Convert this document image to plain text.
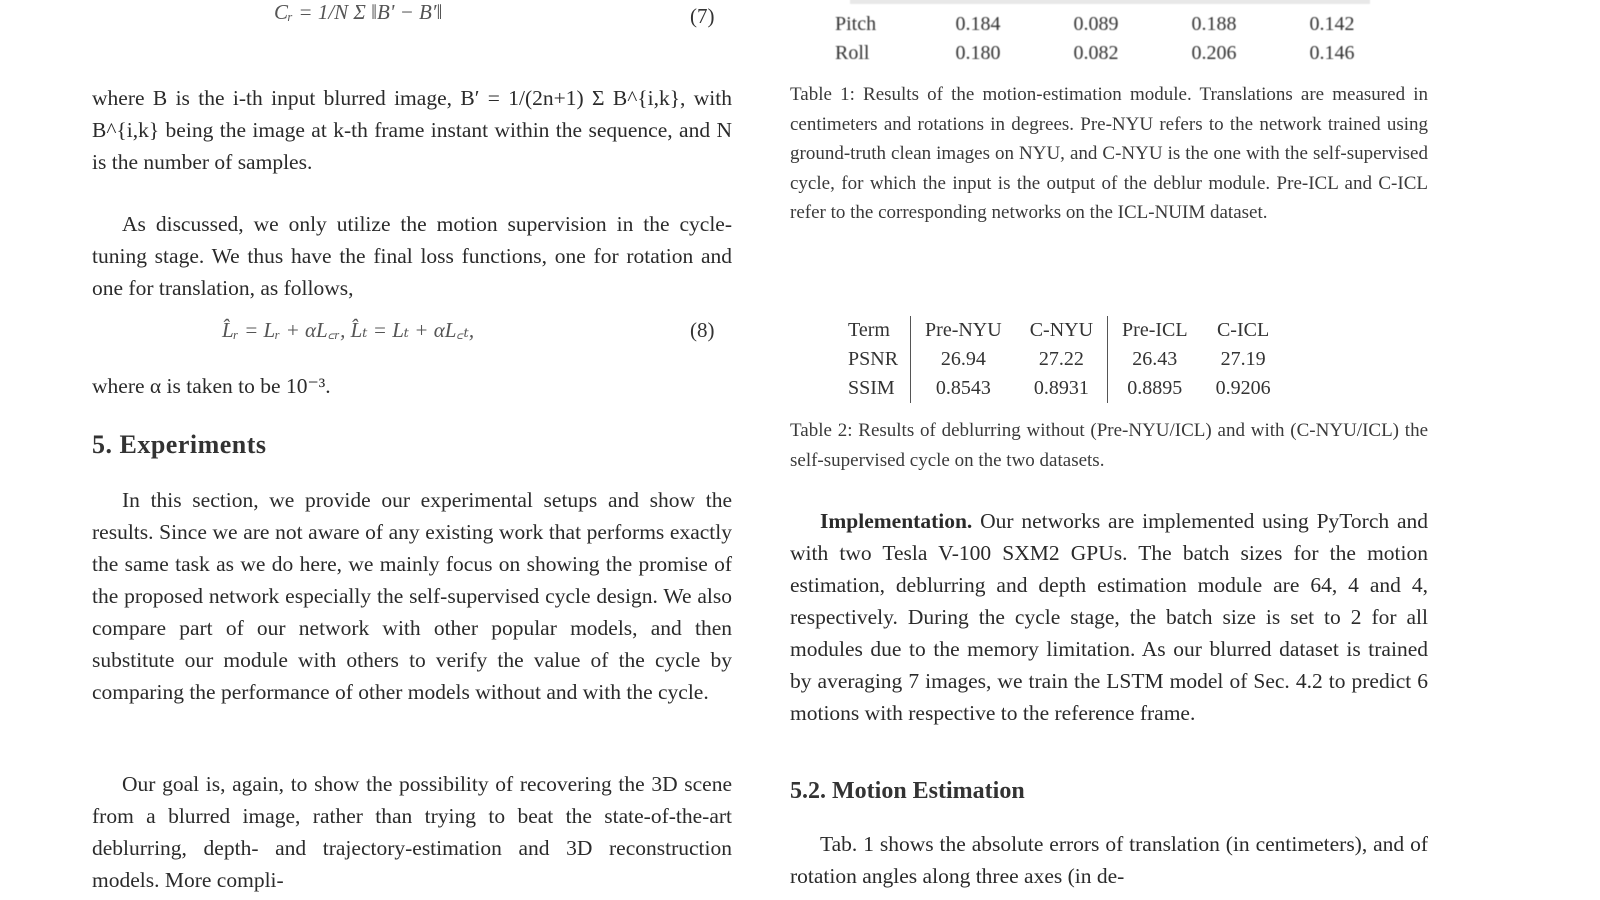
Cᵣ = 1/N Σ ‖B' − B′‖	(7)

where B is the i-th input blurred image, B′ = 1/(2n+1) Σ B^{i,k}, with B^{i,k} being the image at k-th frame instant within the sequence, and N is the number of samples.

As discussed, we only utilize the motion supervision in the cycle-tuning stage. We thus have the final loss functions, one for rotation and one for translation, as follows,

L̂ᵣ = Lᵣ + αL꜀ᵣ, L̂ₜ = Lₜ + αL꜀ₜ,	(8)

where α is taken to be 10⁻³.

5. Experiments

In this section, we provide our experimental setups and show the results. Since we are not aware of any existing work that performs exactly the same task as we do here, we mainly focus on showing the promise of the proposed network especially the self-supervised cycle design. We also compare part of our network with other popular models, and then substitute our module with others to verify the value of the cycle by comparing the performance of other models without and with the cycle.

Our goal is, again, to show the possibility of recovering the 3D scene from a blurred image, rather than trying to beat the state-of-the-art deblurring, depth- and trajectory-estimation and 3D reconstruction models. More compli-

Pitch	0.184	0.089	0.188	0.142
Roll	0.180	0.082	0.206	0.146

Table 1: Results of the motion-estimation module. Translations are measured in centimeters and rotations in degrees. Pre-NYU refers to the network trained using ground-truth clean images on NYU, and C-NYU is the one with the self-supervised cycle, for which the input is the output of the deblur module. Pre-ICL and C-ICL refer to the corresponding networks on the ICL-NUIM dataset.

Term	Pre-NYU	C-NYU	Pre-ICL	C-ICL
PSNR	26.94	27.22	26.43	27.19
SSIM	0.8543	0.8931	0.8895	0.9206

Table 2: Results of deblurring without (Pre-NYU/ICL) and with (C-NYU/ICL) the self-supervised cycle on the two datasets.

Implementation. Our networks are implemented using PyTorch and with two Tesla V-100 SXM2 GPUs. The batch sizes for the motion estimation, deblurring and depth estimation module are 64, 4 and 4, respectively. During the cycle stage, the batch size is set to 2 for all modules due to the memory limitation. As our blurred dataset is trained by averaging 7 images, we train the LSTM model of Sec. 4.2 to predict 6 motions with respective to the reference frame.

5.2. Motion Estimation

Tab. 1 shows the absolute errors of translation (in centimeters), and of rotation angles along three axes (in de-
